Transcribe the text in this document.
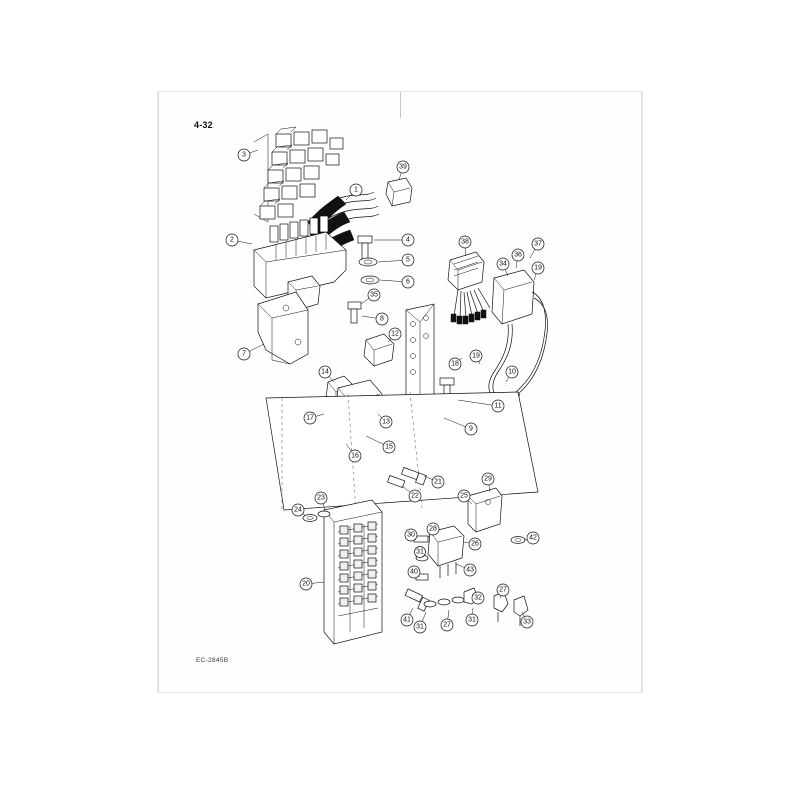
4-32
EC-2845B
3
1
39
2	4
5
6
35
8
12
7
14
17
13
15
16
38	37
36
34
19
18
19
10
11
9
21
22
29
25
23
24
30
28
31
26
42
43
40
20
32
27
41
31	27
31	33
